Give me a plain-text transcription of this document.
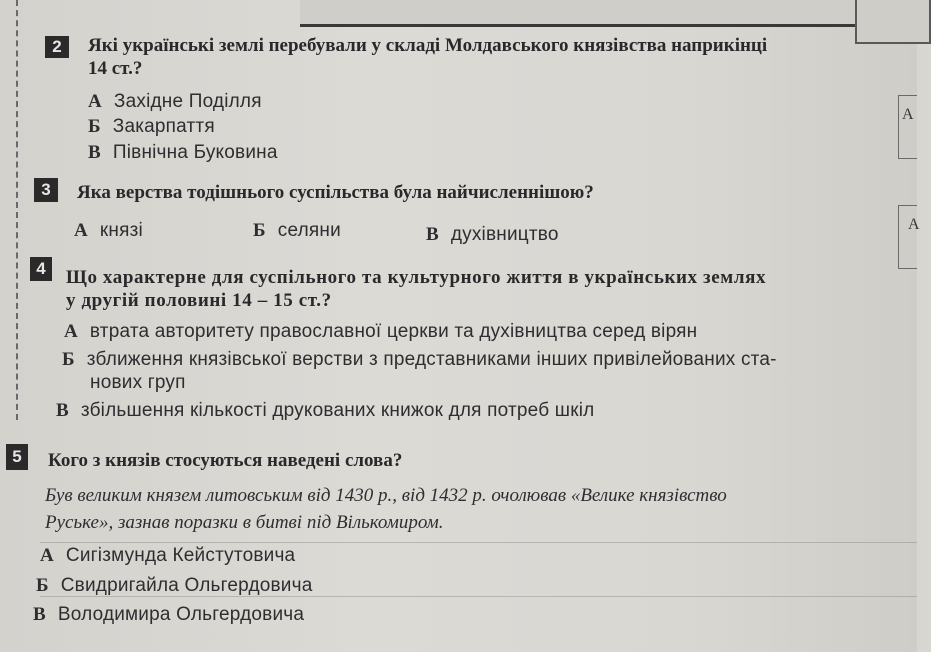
А
А
2	Які українські землі перебували у складі Молдавського князівства наприкінці
14 ст.?
А Західне Поділля
Б Закарпаття
В Північна Буковина
3	Яка верства тодішнього суспільства була найчисленнішою?
А князі	Б селяни	В духівництво
4	Що характерне для суспільного та культурного життя в українських землях
у другій половині 14 – 15 ст.?
А втрата авторитету православної церкви та духівництва серед вірян
Б зближення князівської верстви з представниками інших привілейованих ста-
нових груп
В збільшення кількості друкованих книжок для потреб шкіл
5	Кого з князів стосуються наведені слова?
Був великим князем литовським від 1430 р., від 1432 р. очолював «Велике князівство
Руське», зазнав поразки в битві під Вількомиром.
А Сигізмунда Кейстутовича
Б Свидригайла Ольгердовича
В Володимира Ольгердовича
